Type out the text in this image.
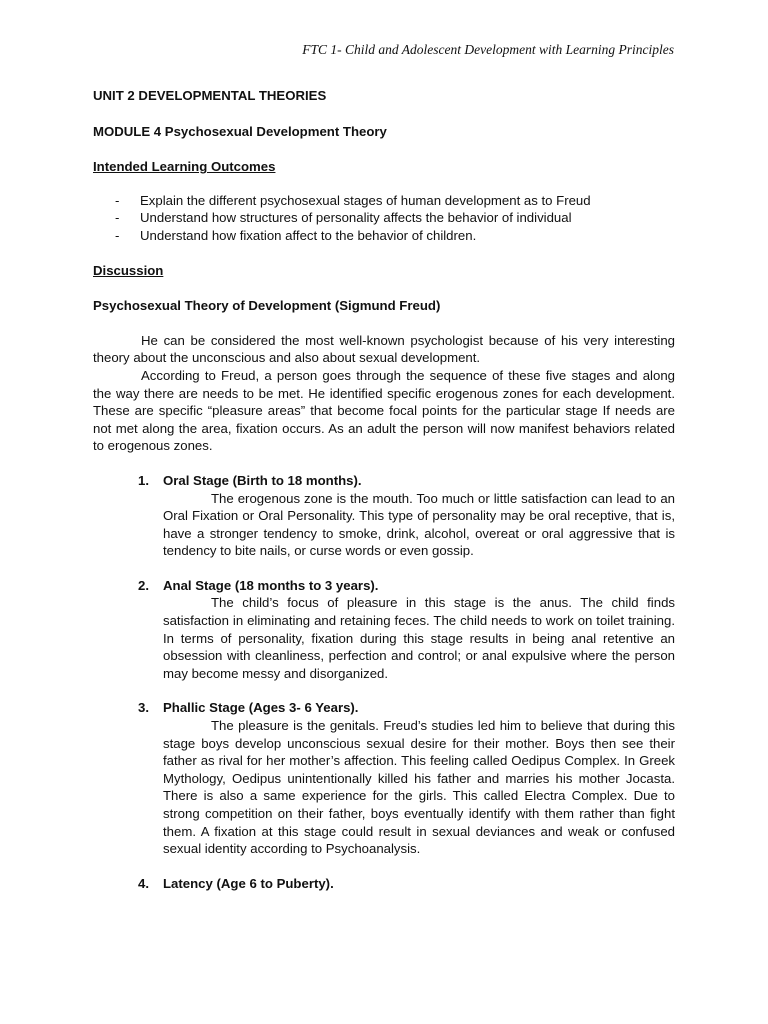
FTC 1- Child and Adolescent Development with Learning Principles
UNIT 2 DEVELOPMENTAL THEORIES
MODULE 4 Psychosexual Development Theory
Intended Learning Outcomes
- Explain the different psychosexual stages of human development as to Freud
- Understand how structures of personality affects the behavior of individual
- Understand how fixation affect to the behavior of children.
Discussion
Psychosexual Theory of Development (Sigmund Freud)

He can be considered the most well-known psychologist because of his very interesting theory about the unconscious and also about sexual development.

According to Freud, a person goes through the sequence of these five stages and along the way there are needs to be met. He identified specific erogenous zones for each development. These are specific “pleasure areas” that become focal points for the particular stage If needs are not met along the area, fixation occurs. As an adult the person will now manifest behaviors related to erogenous zones.

1. Oral Stage (Birth to 18 months).

The erogenous zone is the mouth. Too much or little satisfaction can lead to an Oral Fixation or Oral Personality. This type of personality may be oral receptive, that is, have a stronger tendency to smoke, drink, alcohol, overeat or oral aggressive that is tendency to bite nails, or curse words or even gossip.

2. Anal Stage (18 months to 3 years).

The child’s focus of pleasure in this stage is the anus. The child finds satisfaction in eliminating and retaining feces. The child needs to work on toilet training. In terms of personality, fixation during this stage results in being anal retentive an obsession with cleanliness, perfection and control; or anal expulsive where the person may become messy and disorganized.

3. Phallic Stage (Ages 3- 6 Years).

The pleasure is the genitals. Freud’s studies led him to believe that during this stage boys develop unconscious sexual desire for their mother. Boys then see their father as rival for her mother’s affection. This feeling called Oedipus Complex. In Greek Mythology, Oedipus unintentionally killed his father and marries his mother Jocasta. There is also a same experience for the girls. This called Electra Complex. Due to strong competition on their father, boys eventually identify with them rather than fight them. A fixation at this stage could result in sexual deviances and weak or confused sexual identity according to Psychoanalysis.

4. Latency (Age 6 to Puberty).
